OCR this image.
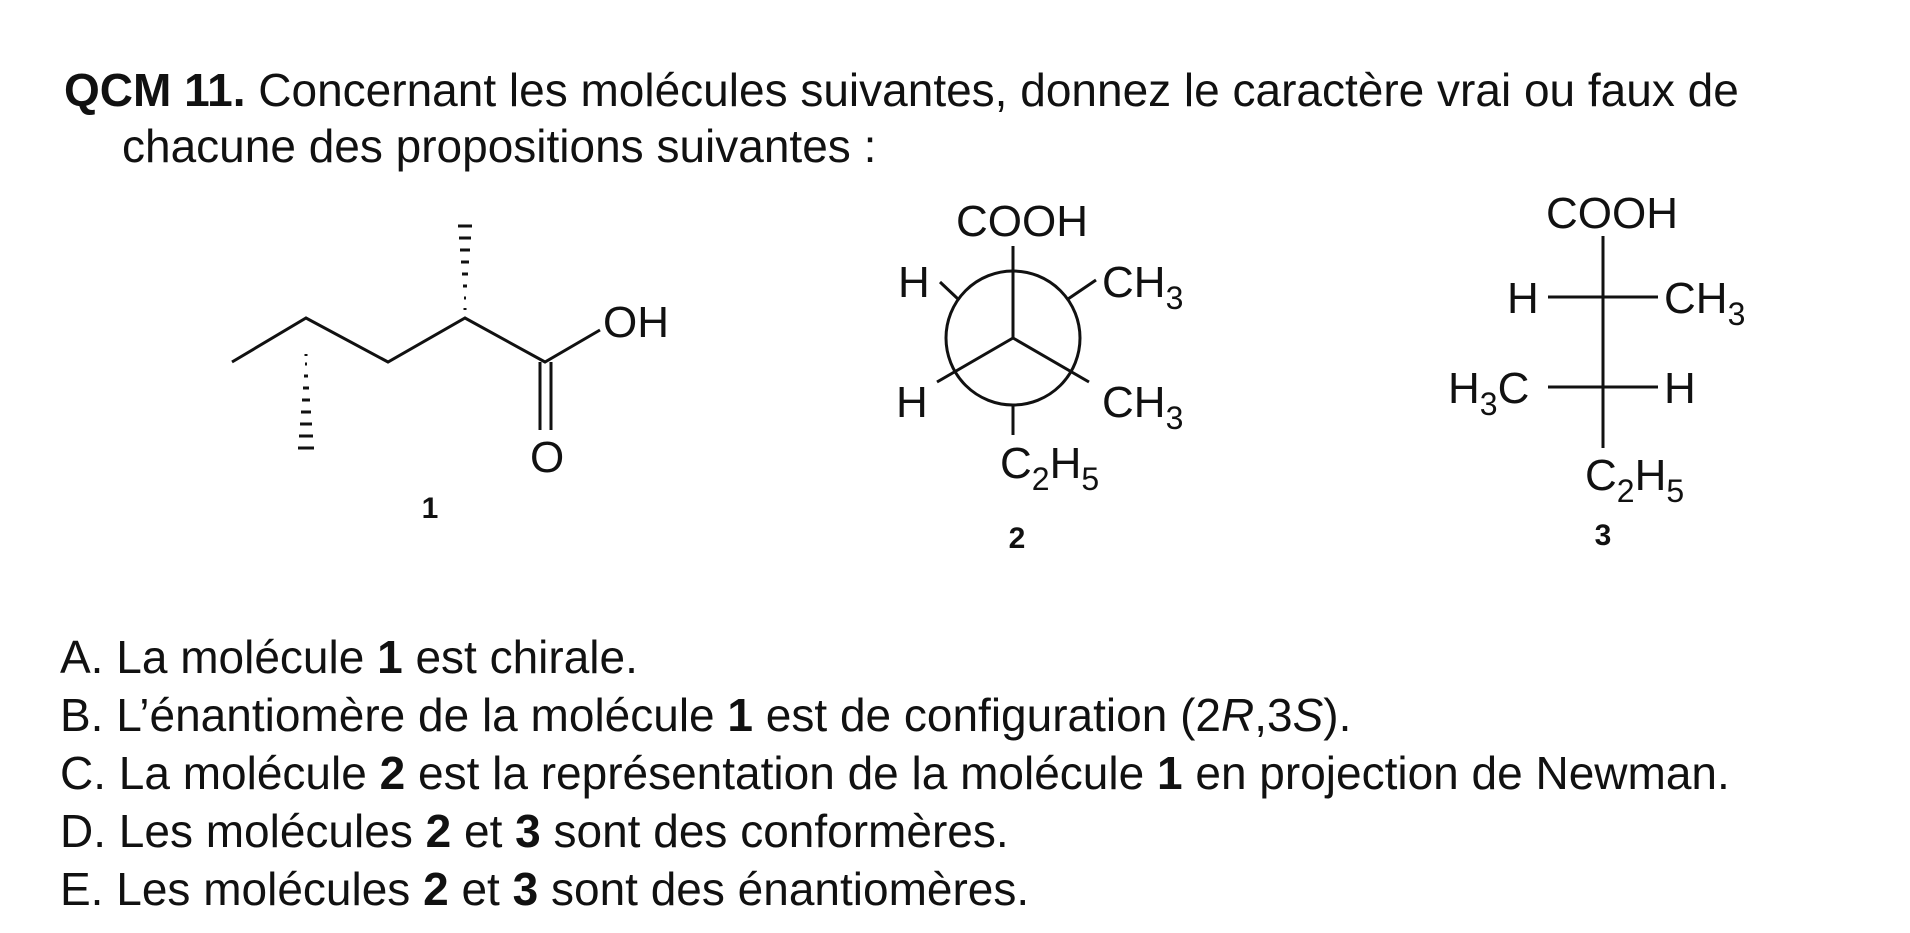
QCM 11. Concernant les molécules suivantes, donnez le caractère vrai ou faux de
chacune des propositions suivantes :
OH
O
1
COOH
H	$CH_3$
H	$CH_3$
$C_2H_5$
2
COOH
H	$CH_3$
$H_3C$	H
$C_2H_5$
3
A. La molécule 1 est chirale.
B. L’énantiomère de la molécule 1 est de configuration (2R,3S).
C. La molécule 2 est la représentation de la molécule 1 en projection de Newman.
D. Les molécules 2 et 3 sont des conformères.
E. Les molécules 2 et 3 sont des énantiomères.
